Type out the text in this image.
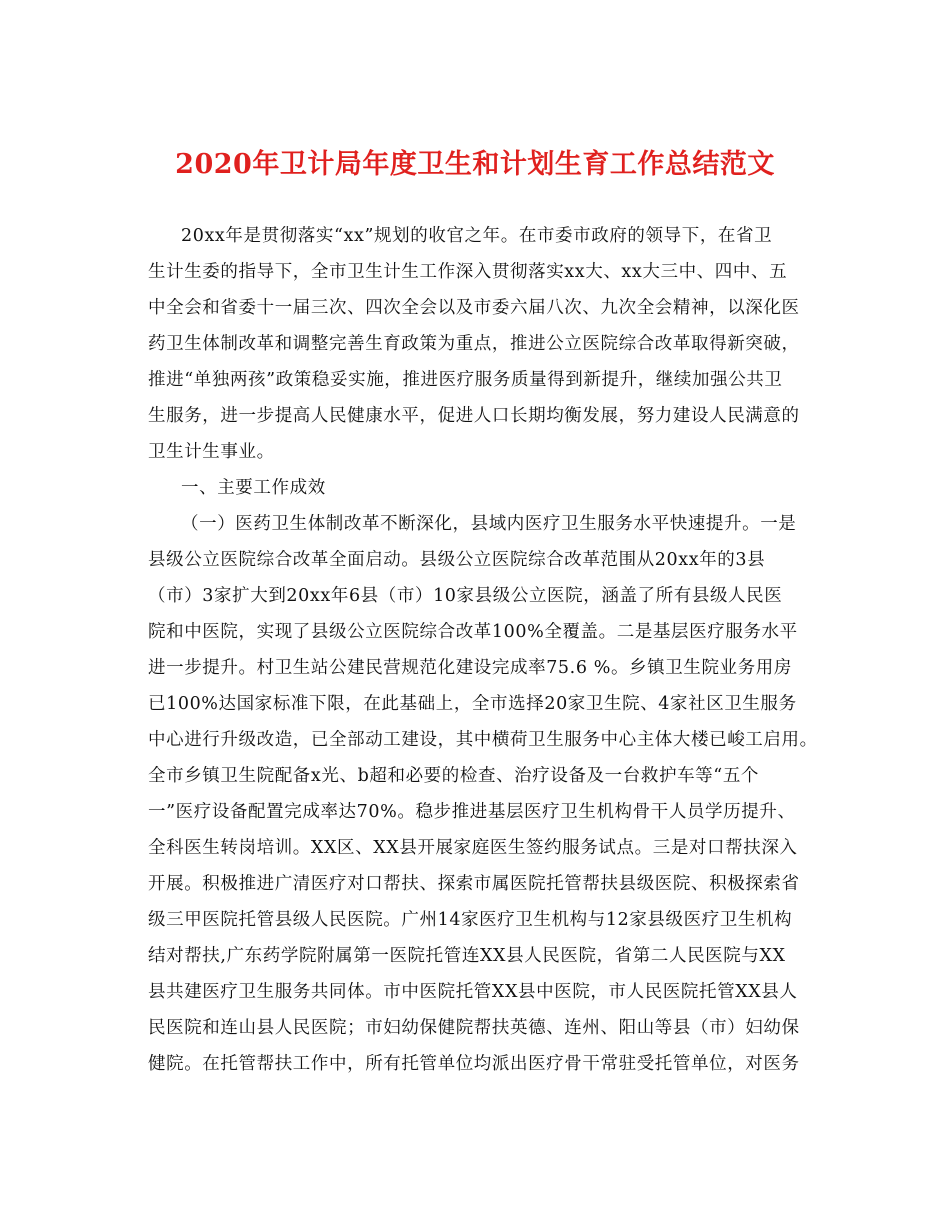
2020年卫计局年度卫生和计划生育工作总结范文
20xx年是贯彻落实“xx”规划的收官之年。在市委市政府的领导下，在省卫
生计生委的指导下，全市卫生计生工作深入贯彻落实xx大、xx大三中、四中、五
中全会和省委十一届三次、四次全会以及市委六届八次、九次全会精神，以深化医
药卫生体制改革和调整完善生育政策为重点，推进公立医院综合改革取得新突破，
推进“单独两孩”政策稳妥实施，推进医疗服务质量得到新提升，继续加强公共卫
生服务，进一步提高人民健康水平，促进人口长期均衡发展，努力建设人民满意的
卫生计生事业。
一、主要工作成效
（一）医药卫生体制改革不断深化，县域内医疗卫生服务水平快速提升。一是
县级公立医院综合改革全面启动。县级公立医院综合改革范围从20xx年的3县
（市）3家扩大到20xx年6县（市）10家县级公立医院，涵盖了所有县级人民医
院和中医院，实现了县级公立医院综合改革100%全覆盖。二是基层医疗服务水平
进一步提升。村卫生站公建民营规范化建设完成率75.6 %。乡镇卫生院业务用房
已100%达国家标准下限，在此基础上，全市选择20家卫生院、4家社区卫生服务
中心进行升级改造，已全部动工建设，其中横荷卫生服务中心主体大楼已峻工启用。
全市乡镇卫生院配备x光、b超和必要的检查、治疗设备及一台救护车等“五个
一”医疗设备配置完成率达70%。稳步推进基层医疗卫生机构骨干人员学历提升、
全科医生转岗培训。XX区、XX县开展家庭医生签约服务试点。三是对口帮扶深入
开展。积极推进广清医疗对口帮扶、探索市属医院托管帮扶县级医院、积极探索省
级三甲医院托管县级人民医院。广州14家医疗卫生机构与12家县级医疗卫生机构
结对帮扶,广东药学院附属第一医院托管连XX县人民医院，省第二人民医院与XX
县共建医疗卫生服务共同体。市中医院托管XX县中医院，市人民医院托管XX县人
民医院和连山县人民医院；市妇幼保健院帮扶英德、连州、阳山等县（市）妇幼保
健院。在托管帮扶工作中，所有托管单位均派出医疗骨干常驻受托管单位，对医务
